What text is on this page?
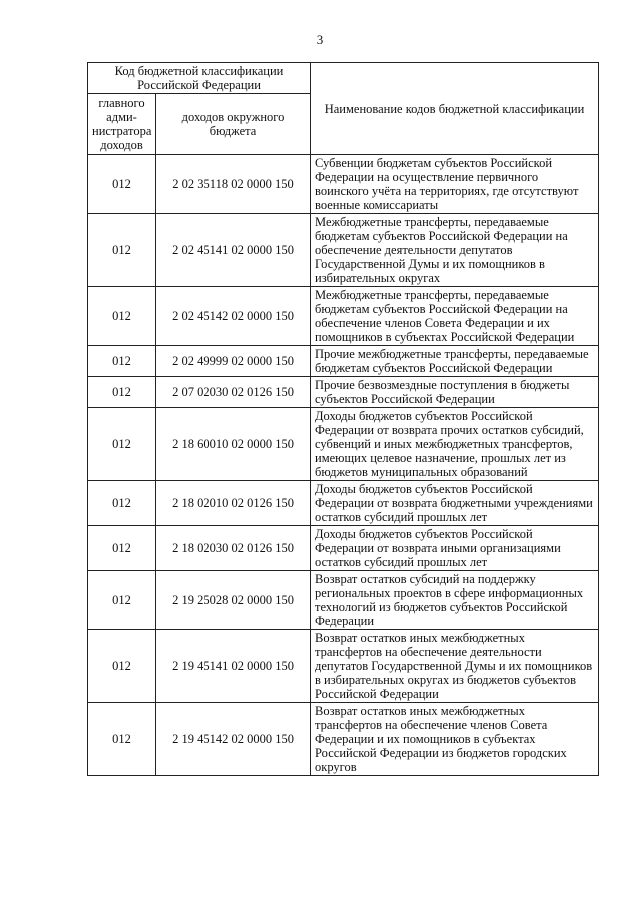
3
Код бюджетной классификации Российской Федерации		Наименование кодов бюджетной классификации
главного адми-нистратора доходов	доходов окружного бюджета	
012	2 02 35118 02 0000 150	Субвенции бюджетам субъектов Российской Федерации на осуществление первичного воинского учёта на территориях, где отсутствуют военные комиссариаты
012	2 02 45141 02 0000 150	Межбюджетные трансферты, передаваемые бюджетам субъектов Российской Федерации на обеспечение деятельности депутатов Государственной Думы и их помощников в избирательных округах
012	2 02 45142 02 0000 150	Межбюджетные трансферты, передаваемые бюджетам субъектов Российской Федерации на обеспечение членов Совета Федерации и их помощников в субъектах Российской Федерации
012	2 02 49999 02 0000 150	Прочие межбюджетные трансферты, передаваемые бюджетам субъектов Российской Федерации
012	2 07 02030 02 0126 150	Прочие безвозмездные поступления в бюджеты субъектов Российской Федерации
012	2 18 60010 02 0000 150	Доходы бюджетов субъектов Российской Федерации от возврата прочих остатков субсидий, субвенций и иных межбюджетных трансфертов, имеющих целевое назначение, прошлых лет из бюджетов муниципальных образований
012	2 18 02010 02 0126 150	Доходы бюджетов субъектов Российской Федерации от возврата бюджетными учреждениями остатков субсидий прошлых лет
012	2 18 02030 02 0126 150	Доходы бюджетов субъектов Российской Федерации от возврата иными организациями остатков субсидий прошлых лет
012	2 19 25028 02 0000 150	Возврат остатков субсидий на поддержку региональных проектов в сфере информационных технологий из бюджетов субъектов Российской Федерации
012	2 19 45141 02 0000 150	Возврат остатков иных межбюджетных трансфертов на обеспечение деятельности депутатов Государственной Думы и их помощников в избирательных округах из бюджетов субъектов Российской Федерации
012	2 19 45142 02 0000 150	Возврат остатков иных межбюджетных трансфертов на обеспечение членов Совета Федерации и их помощников в субъектах Российской Федерации из бюджетов городских округов
